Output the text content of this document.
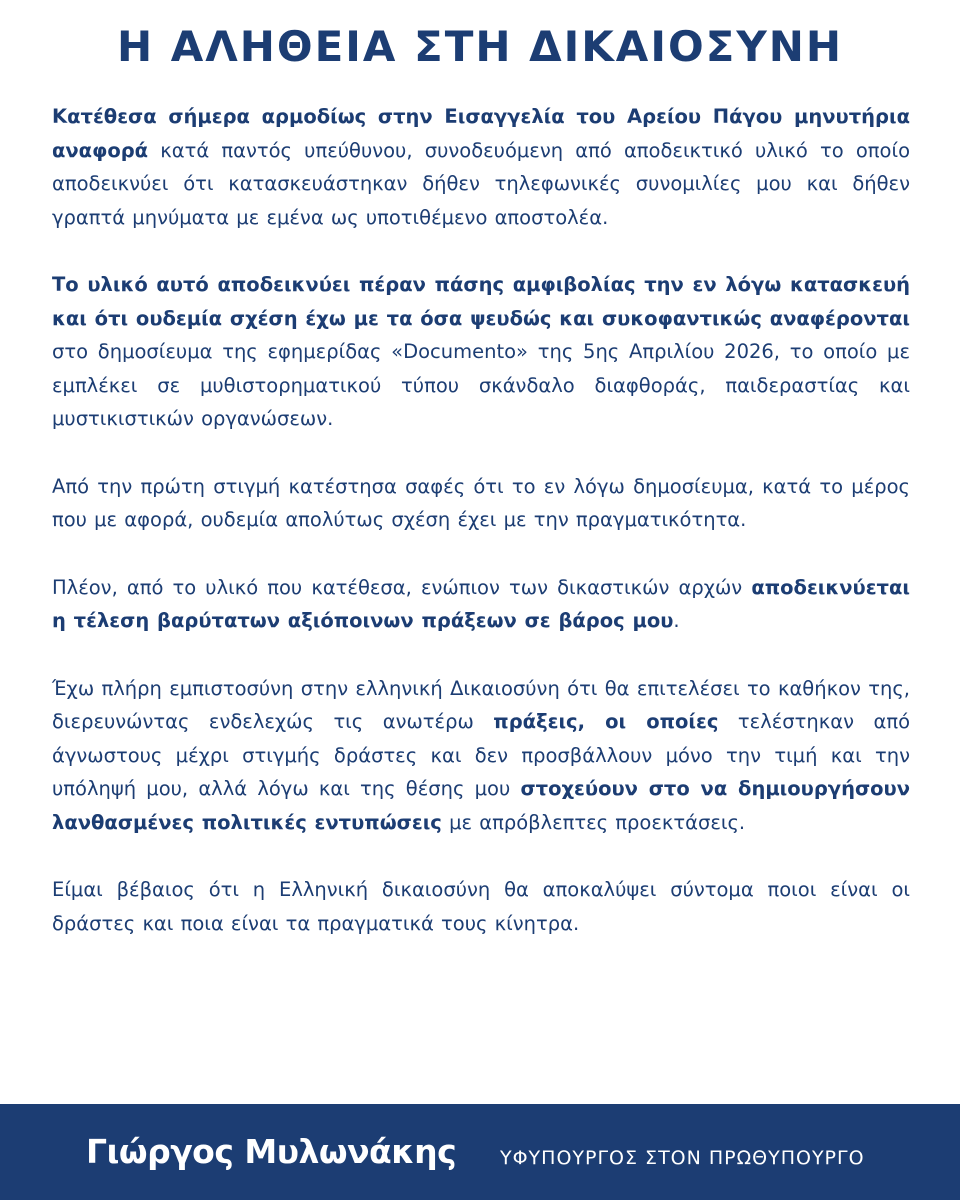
Η ΑΛΗΘΕΙΑ ΣΤΗ ΔΙΚΑΙΟΣΥΝΗ

Κατέθεσα σήμερα αρμοδίως στην Εισαγγελία του Αρείου Πάγου μηνυτήρια αναφορά κατά παντός υπεύθυνου, συνοδευόμενη από αποδεικτικό υλικό το οποίο αποδεικνύει ότι κατασκευάστηκαν δήθεν τηλεφωνικές συνομιλίες μου και δήθεν γραπτά μηνύματα με εμένα ως υποτιθέμενο αποστολέα.

Το υλικό αυτό αποδεικνύει πέραν πάσης αμφιβολίας την εν λόγω κατασκευή και ότι ουδεμία σχέση έχω με τα όσα ψευδώς και συκοφαντικώς αναφέρονται στο δημοσίευμα της εφημερίδας «Documento» της 5ης Απριλίου 2026, το οποίο με εμπλέκει σε μυθιστορηματικού τύπου σκάνδαλο διαφθοράς, παιδεραστίας και μυστικιστικών οργανώσεων.

Από την πρώτη στιγμή κατέστησα σαφές ότι το εν λόγω δημοσίευμα, κατά το μέρος που με αφορά, ουδεμία απολύτως σχέση έχει με την πραγματικότητα.

Πλέον, από το υλικό που κατέθεσα, ενώπιον των δικαστικών αρχών αποδεικνύεται η τέλεση βαρύτατων αξιόποινων πράξεων σε βάρος μου.

Έχω πλήρη εμπιστοσύνη στην ελληνική Δικαιοσύνη ότι θα επιτελέσει το καθήκον της, διερευνώντας ενδελεχώς τις ανωτέρω πράξεις, οι οποίες τελέστηκαν από άγνωστους μέχρι στιγμής δράστες και δεν προσβάλλουν μόνο την τιμή και την υπόληψή μου, αλλά λόγω και της θέσης μου στοχεύουν στο να δημιουργήσουν λανθασμένες πολιτικές εντυπώσεις με απρόβλεπτες προεκτάσεις.

Είμαι βέβαιος ότι η Ελληνική δικαιοσύνη θα αποκαλύψει σύντομα ποιοι είναι οι δράστες και ποια είναι τα πραγματικά τους κίνητρα.

Γιώργος Μυλωνάκης ΥΦΥΠΟΥΡΓΟΣ ΣΤΟΝ ΠΡΩΘΥΠΟΥΡΓΟ
